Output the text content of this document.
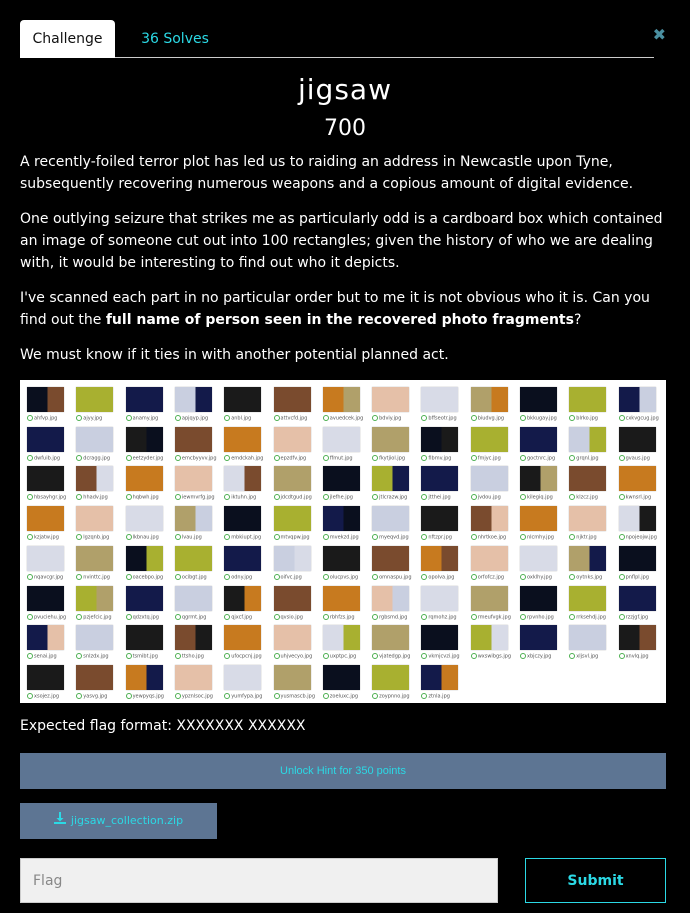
Challenge	36 Solves	✖
jigsaw
700

A recently-foiled terror plot has led us to raiding an address in Newcastle upon Tyne, subsequently recovering numerous weapons and a copious amount of digital evidence.

One outlying seizure that strikes me as particularly odd is a cardboard box which contained an image of someone cut out into 100 rectangles; given the history of who we are dealing with, it would be interesting to find out who it depicts.

I've scanned each part in no particular order but to me it is not obvious who it is. Can you find out the full name of person seen in the recovered photo fragments?

We must know if it ties in with another potential planned act.

ahfvp.jpg	ajyy.jpg	anamy.jpg	apjqyp.jpg	anbl.jpg	attvcfd.jpg	avuedcek.jpg	bdviy.jpg	bffseotr.jpg	biudvg.jpg	bkkugay.jpg	blrko.jpg	cxkvgcug.jpg
dwfuib.jpg	dcragg.jpg	eetzyder.jpg	emcbyyvv.jpg	emdckah.jpg	epzdfv.jpg	ffmut.jpg	fkytjiol.jpg	fibmv.jpg	fmjyc.jpg	goctnrc.jpg	grqnl.jpg	gvaus.jpg
hbsayhgr.jpg	hhadv.jpg	hqbwh.jpg	iewmvrfg.jpg	iktuhn.jpg	jdcdtgud.jpg	jlefhe.jpg	jtlcrazw.jpg	jtthei.jpg	jvdou.jpg	kilegiq.jpg	klzcz.jpg	kwnsrl.jpg
kzjatw.jpg	lgzqnb.jpg	lkbnau.jpg	lvau.jpg	mbkiupt.jpg	mtvqpw.jpg	mvekzd.jpg	myeqvd.jpg	nftzpr.jpg	nhrtkoe.jpg	nlcmhy.jpg	njktr.jpg	npojeojw.jpg
nqavcgr.jpg	nvinttc.jpg	oacebpo.jpg	ocibgt.jpg	odny.jpg	oifvc.jpg	olucpvs.jpg	omnaspu.jpg	opolva.jpg	orfofcz.jpg	oxklhy.jpg	oytnks.jpg	pnflpl.jpg
pvuciehu.jpg	pzjefcic.jpg	qdzxtq.jpg	qgrmt.jpg	qjxcf.jpg	qvsio.jpg	rbhfzs.jpg	rgbsmd.jpg	rqmohz.jpg	rmeufvgk.jpg	rpvnho.jpg	rrksehdj.jpg	rzzjgf.jpg
senai.jpg	snlzdx.jpg	tsmibt.jpg	ttsho.jpg	ufocpcnj.jpg	uhjvecyo.jpg	uxptpc.jpg	vjatedgp.jpg	vkmjcvzi.jpg	wxswibgs.jpg	xbjczy.jpg	xljsvl.jpg	xnvlq.jpg
xsojez.jpg	yasvg.jpg	yewpyqs.jpg	ypznlsoc.jpg	yumfypa.jpg	yusmascb.jpg	zoeluxc.jpg	zoypnno.jpg	ztnla.jpg
Expected flag format: XXXXXXX XXXXXX
Unlock Hint for 350 points
jigsaw_collection.zip
Flag
Submit
